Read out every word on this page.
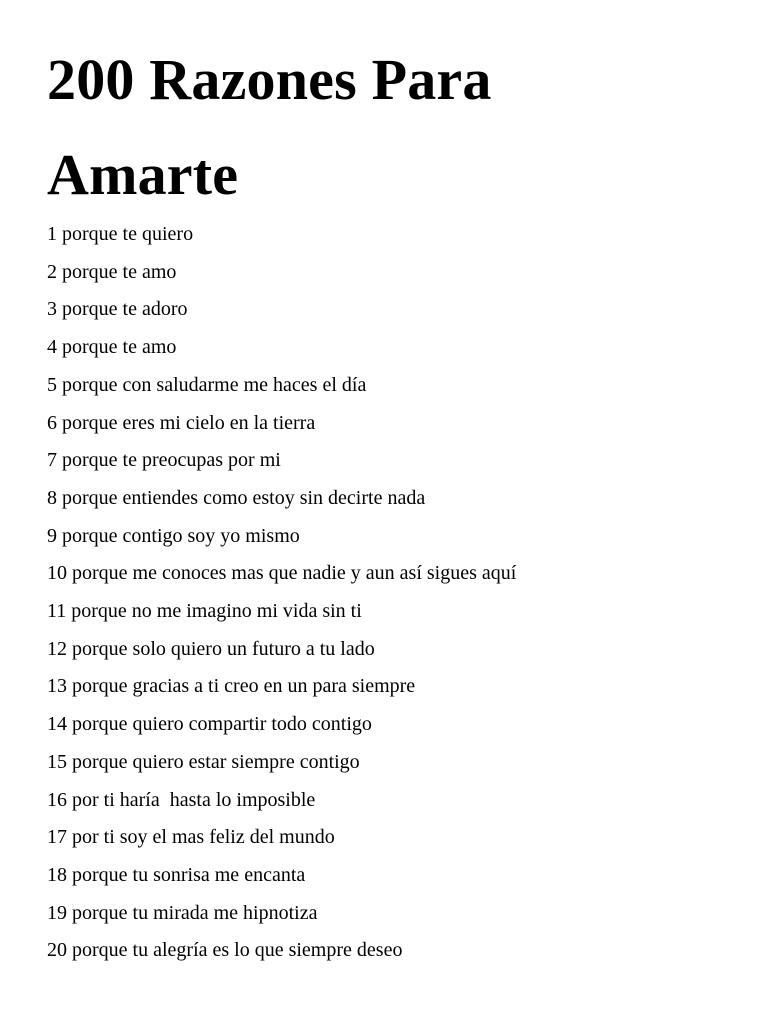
200 Razones Para
Amarte
1 porque te quiero
2 porque te amo
3 porque te adoro
4 porque te amo
5 porque con saludarme me haces el día
6 porque eres mi cielo en la tierra
7 porque te preocupas por mi
8 porque entiendes como estoy sin decirte nada
9 porque contigo soy yo mismo
10 porque me conoces mas que nadie y aun así sigues aquí
11 porque no me imagino mi vida sin ti
12 porque solo quiero un futuro a tu lado
13 porque gracias a ti creo en un para siempre
14 porque quiero compartir todo contigo
15 porque quiero estar siempre contigo
16 por ti haría  hasta lo imposible
17 por ti soy el mas feliz del mundo
18 porque tu sonrisa me encanta
19 porque tu mirada me hipnotiza
20 porque tu alegría es lo que siempre deseo
